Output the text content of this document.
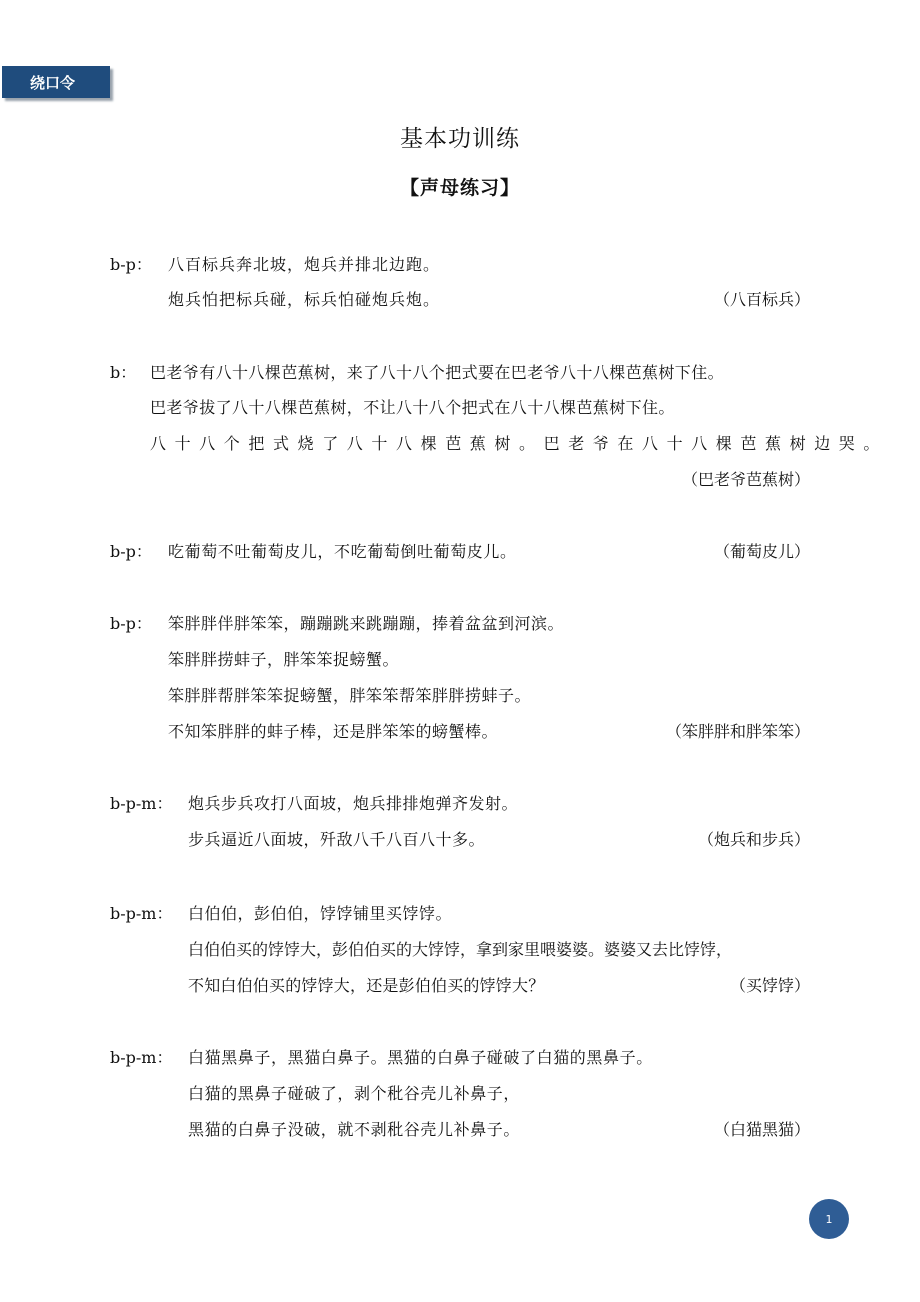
绕口令
基本功训练
【声母练习】
b-p： 八百标兵奔北坡，炮兵并排北边跑。
炮兵怕把标兵碰，标兵怕碰炮兵炮。	（八百标兵）
b： 巴老爷有八十八棵芭蕉树，来了八十八个把式要在巴老爷八十八棵芭蕉树下住。
巴老爷拔了八十八棵芭蕉树，不让八十八个把式在八十八棵芭蕉树下住。
八十八个把式烧了八十八棵芭蕉树。巴老爷在八十八棵芭蕉树边哭。
（巴老爷芭蕉树）
b-p： 吃葡萄不吐葡萄皮儿，不吃葡萄倒吐葡萄皮儿。	（葡萄皮儿）
b-p： 笨胖胖伴胖笨笨，蹦蹦跳来跳蹦蹦，捧着盆盆到河滨。
笨胖胖捞蚌子，胖笨笨捉螃蟹。
笨胖胖帮胖笨笨捉螃蟹，胖笨笨帮笨胖胖捞蚌子。
不知笨胖胖的蚌子棒，还是胖笨笨的螃蟹棒。	（笨胖胖和胖笨笨）
b-p-m： 炮兵步兵攻打八面坡，炮兵排排炮弹齐发射。
步兵逼近八面坡，歼敌八千八百八十多。	（炮兵和步兵）
b-p-m： 白伯伯，彭伯伯，饽饽铺里买饽饽。
白伯伯买的饽饽大，彭伯伯买的大饽饽，拿到家里喂婆婆。婆婆又去比饽饽，
不知白伯伯买的饽饽大，还是彭伯伯买的饽饽大？	（买饽饽）
b-p-m： 白猫黑鼻子，黑猫白鼻子。黑猫的白鼻子碰破了白猫的黑鼻子。
白猫的黑鼻子碰破了，剥个秕谷壳儿补鼻子，
黑猫的白鼻子没破，就不剥秕谷壳儿补鼻子。	（白猫黑猫）
1
